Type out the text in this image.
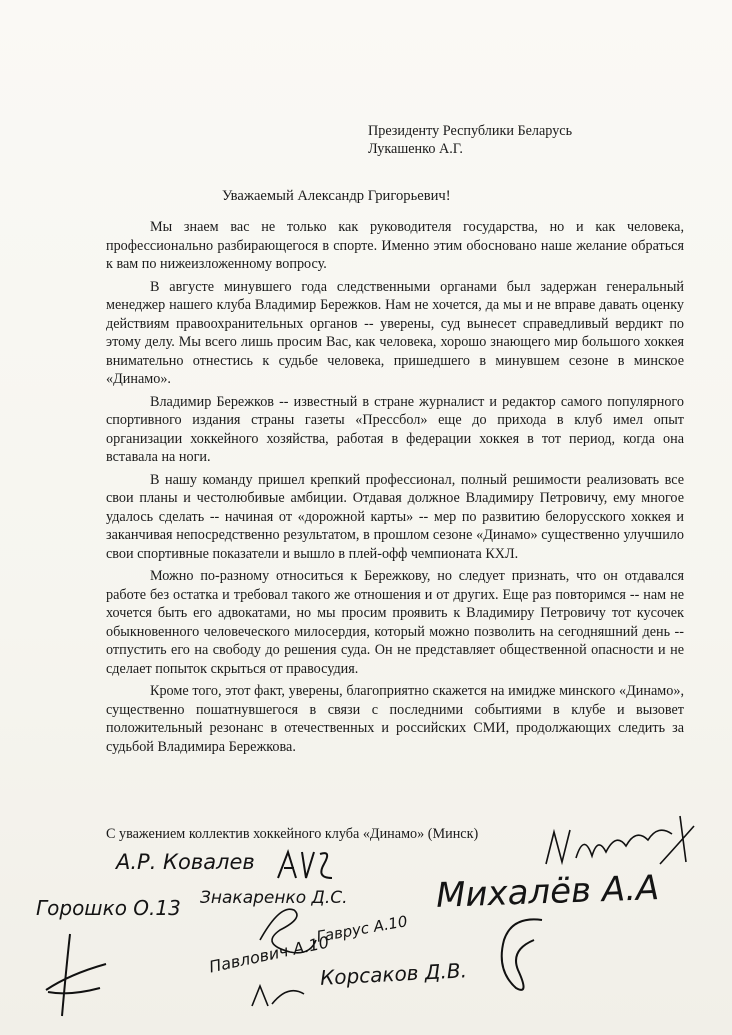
Президенту Республики Беларусь
Лукашенко А.Г.
Уважаемый Александр Григорьевич!

Мы знаем вас не только как руководителя государства, но и как человека, профессионально разбирающегося в спорте. Именно этим обосновано наше желание обраться к вам по нижеизложенному вопросу.

В августе минувшего года следственными органами был задержан генеральный менеджер нашего клуба Владимир Бережков. Нам не хочется, да мы и не вправе давать оценку действиям правоохранительных органов -- уверены, суд вынесет справедливый вердикт по этому делу. Мы всего лишь просим Вас, как человека, хорошо знающего мир большого хоккея внимательно отнестись к судьбе человека, пришедшего в минувшем сезоне в минское «Динамо».

Владимир Бережков -- известный в стране журналист и редактор самого популярного спортивного издания страны газеты «Прессбол» еще до прихода в клуб имел опыт организации хоккейного хозяйства, работая в федерации хоккея в тот период, когда она вставала на ноги.

В нашу команду пришел крепкий профессионал, полный решимости реализовать все свои планы и честолюбивые амбиции. Отдавая должное Владимиру Петровичу, ему многое удалось сделать -- начиная от «дорожной карты» -- мер по развитию белорусского хоккея и заканчивая непосредственно результатом, в прошлом сезоне «Динамо» существенно улучшило свои спортивные показатели и вышло в плей-офф чемпионата КХЛ.

Можно по-разному относиться к Бережкову, но следует признать, что он отдавался работе без остатка и требовал такого же отношения и от других. Еще раз повторимся -- нам не хочется быть его адвокатами, но мы просим проявить к Владимиру Петровичу тот кусочек обыкновенного человеческого милосердия, который можно позволить на сегодняшний день -- отпустить его на свободу до решения суда. Он не представляет общественной опасности и не сделает попыток скрыться от правосудия.

Кроме того, этот факт, уверены, благоприятно скажется на имидже минского «Динамо», существенно пошатнувшегося в связи с последними событиями в клубе и вызовет положительный резонанс в отечественных и российских СМИ, продолжающих следить за судьбой Владимира Бережкова.

С уважением коллектив хоккейного клуба «Динамо» (Минск)
А.Р. Ковалев
Горошко О.13 Знакаренко Д.С.	Михалёв А.А
Павлович А.10
Гаврус А.10
Корсаков Д.В.
